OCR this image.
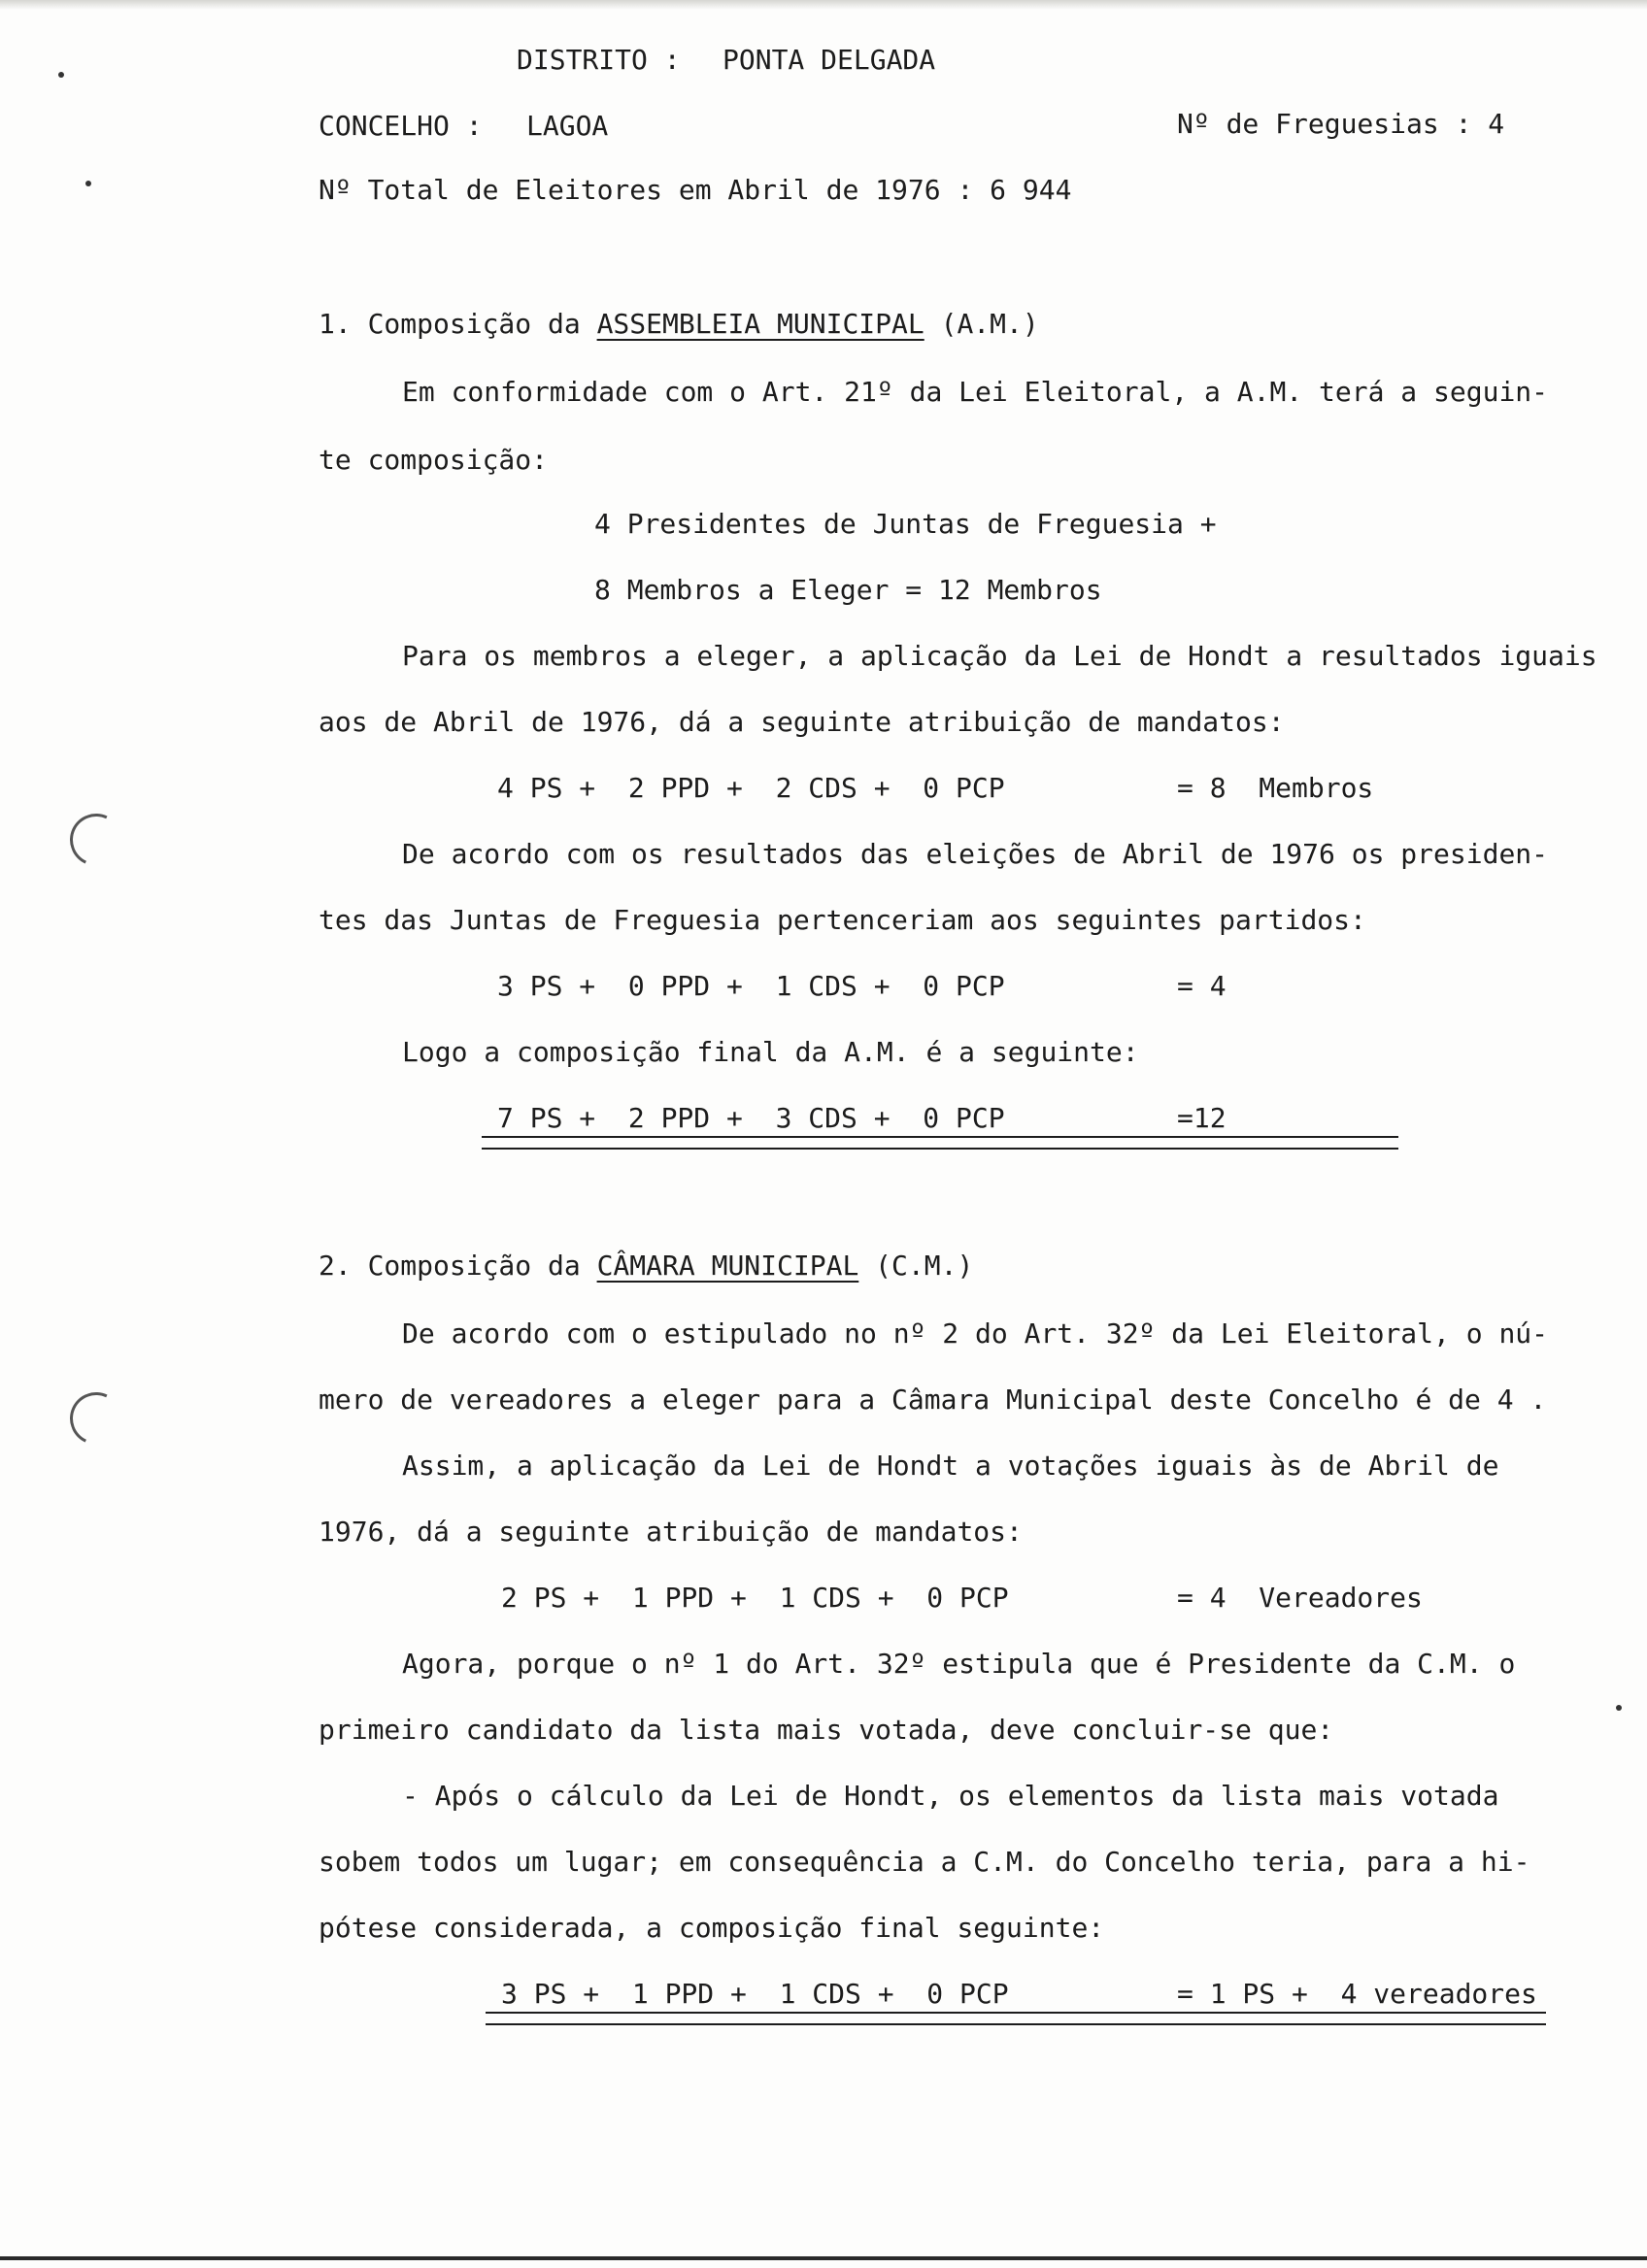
DISTRITO : PONTA DELGADA
CONCELHO : LAGOA	Nº de Freguesias : 4
Nº Total de Eleitores em Abril de 1976 : 6 944
1. Composição da ASSEMBLEIA MUNICIPAL (A.M.)
Em conformidade com o Art. 21º da Lei Eleitoral, a A.M. terá a seguin-
te composição:
4 Presidentes de Juntas de Freguesia +
8 Membros a Eleger = 12 Membros
Para os membros a eleger, a aplicação da Lei de Hondt a resultados iguais
aos de Abril de 1976, dá a seguinte atribuição de mandatos:
4 PS +  2 PPD +  2 CDS +  0 PCP	= 8  Membros
De acordo com os resultados das eleições de Abril de 1976 os presiden-
tes das Juntas de Freguesia pertenceriam aos seguintes partidos:
3 PS +  0 PPD +  1 CDS +  0 PCP	= 4
Logo a composição final da A.M. é a seguinte:
7 PS +  2 PPD +  3 CDS +  0 PCP	=12
2. Composição da CÂMARA MUNICIPAL (C.M.)
De acordo com o estipulado no nº 2 do Art. 32º da Lei Eleitoral, o nú-
mero de vereadores a eleger para a Câmara Municipal deste Concelho é de 4 .
Assim, a aplicação da Lei de Hondt a votações iguais às de Abril de
1976, dá a seguinte atribuição de mandatos:
2 PS +  1 PPD +  1 CDS +  0 PCP	= 4  Vereadores
Agora, porque o nº 1 do Art. 32º estipula que é Presidente da C.M. o
primeiro candidato da lista mais votada, deve concluir-se que:
- Após o cálculo da Lei de Hondt, os elementos da lista mais votada
sobem todos um lugar; em consequência a C.M. do Concelho teria, para a hi-
pótese considerada, a composição final seguinte:
3 PS +  1 PPD +  1 CDS +  0 PCP	= 1 PS +  4 vereadores
